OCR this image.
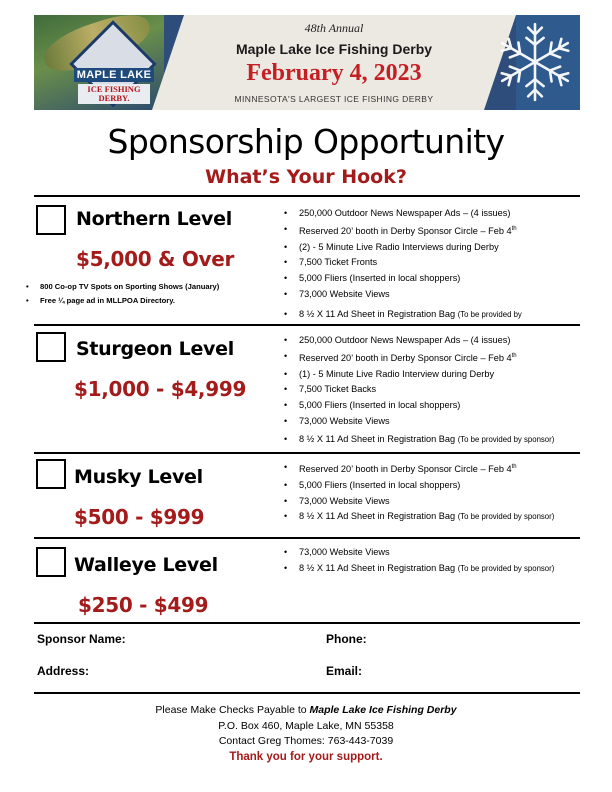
MAPLE LAKE
ICE FISHING
DERBY.
48th Annual
Maple Lake Ice Fishing Derby
February 4, 2023
MINNESOTA'S LARGEST ICE FISHING DERBY
Sponsorship Opportunity
What’s Your Hook?
Northern Level
$5,000 & Over
• 250,000 Outdoor News Newspaper Ads – (4 issues)
• Reserved 20’ booth in Derby Sponsor Circle – Feb 4th
• (2) - 5 Minute Live Radio Interviews during Derby
• 7,500 Ticket Fronts
• 5,000 Fliers (Inserted in local shoppers)
• 73,000 Website Views
• 8 ½ X 11 Ad Sheet in Registration Bag (To be provided by
• 800 Co-op TV Spots on Sporting Shows (January)
• Free ¼ page ad in MLLPOA Directory.
Sturgeon Level
$1,000 - $4,999
• 250,000 Outdoor News Newspaper Ads – (4 issues)
• Reserved 20’ booth in Derby Sponsor Circle – Feb 4th
• (1) - 5 Minute Live Radio Interview during Derby
• 7,500 Ticket Backs
• 5,000 Fliers (Inserted in local shoppers)
• 73,000 Website Views
• 8 ½ X 11 Ad Sheet in Registration Bag (To be provided by sponsor)
Musky Level
$500 - $999
• Reserved 20’ booth in Derby Sponsor Circle – Feb 4th
• 5,000 Fliers (Inserted in local shoppers)
• 73,000 Website Views
• 8 ½ X 11 Ad Sheet in Registration Bag (To be provided by sponsor)
Walleye Level
$250 - $499
• 73,000 Website Views
• 8 ½ X 11 Ad Sheet in Registration Bag (To be provided by sponsor)
Sponsor Name:	Phone:
Address:	Email:
Please Make Checks Payable to Maple Lake Ice Fishing Derby
P.O. Box 460, Maple Lake, MN 55358
Contact Greg Thomes: 763-443-7039
Thank you for your support.
